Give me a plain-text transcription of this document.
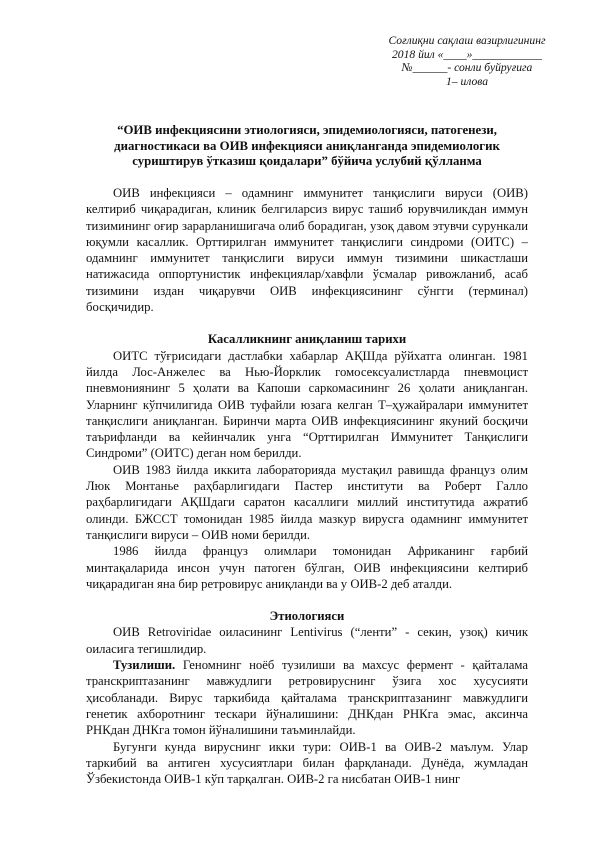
Соғлиқни сақлаш вазирлигининг
2018 йил «____»____________
№______- сонли буйруғига
1– илова
“ОИВ инфекциясини этиологияси, эпидемиологияси, патогенези, диагностикаси ва ОИВ инфекцияси аниқланганда эпидемиологик суриштирув ўтказиш қоидалари” бўйича услубий қўлланма

ОИВ инфекцияси – одамнинг иммунитет танқислиги вируси (ОИВ) келтириб чиқарадиган, клиник белгиларсиз вирус ташиб юрувчиликдан иммун тизимининг оғир зарарланишигача олиб борадиган, узоқ давом этувчи сурункали юқумли касаллик. Орттирилган иммунитет танқислиги синдроми (ОИТС) – одамнинг иммунитет танқислиги вируси иммун тизимини шикастлаши натижасида оппортунистик инфекциялар/хавфли ўсмалар ривожланиб, асаб тизимини издан чиқарувчи ОИВ инфекциясининг сўнгги (терминал) босқичидир.

Касалликнинг аниқланиш тарихи

ОИТС тўғрисидаги дастлабки хабарлар АҚШда рўйхатга олинган. 1981 йилда Лос-Анжелес ва Нью-Йорклик гомосексуалистларда пневмоцист пневмониянинг 5 ҳолати ва Капоши саркомасининг 26 ҳолати аниқланган. Уларнинг кўпчилигида ОИВ туфайли юзага келган Т–ҳужайралари иммунитет танқислиги аниқланган. Биринчи марта ОИВ инфекциясининг якуний босқичи таърифланди ва кейинчалик унга “Орттирилган Иммунитет Танқислиги Синдроми” (ОИТС) деган ном берилди.

ОИВ 1983 йилда иккита лабораторияда мустақил равишда француз олим Люк Монтанье раҳбарлигидаги Пастер институти ва Роберт Галло раҳбарлигидаги АҚШдаги саратон касаллиги миллий институтида ажратиб олинди. БЖССТ томонидан 1985 йилда мазкур вирусга одамнинг иммунитет танқислиги вируси – ОИВ номи берилди.

1986 йилда француз олимлари томонидан Африканинг ғарбий минтақаларида инсон учун патоген бўлган, ОИВ инфекциясини келтириб чиқарадиган яна бир ретровирус аниқланди ва у ОИВ-2 деб аталди.

Этиологияси

ОИВ Retroviridae оиласининг Lentivirus (“ленти” - секин, узоқ) кичик оиласига тегишлидир.

Тузилиши. Геномнинг ноёб тузилиши ва махсус фермент - қайталама транскриптазанинг мавжудлиги ретровируснинг ўзига хос хусусияти ҳисобланади. Вирус таркибида қайталама транскриптазанинг мавжудлиги генетик ахборотнинг тескари йўналишини: ДНКдан РНКга эмас, аксинча РНКдан ДНКга томон йўналишини таъминлайди.

Бугунги кунда вируснинг икки тури: ОИВ-1 ва ОИВ-2 маълум. Улар таркибий ва антиген хусусиятлари билан фарқланади. Дунёда, жумладан Ўзбекистонда ОИВ-1 кўп тарқалган. ОИВ-2 га нисбатан ОИВ-1 нинг
